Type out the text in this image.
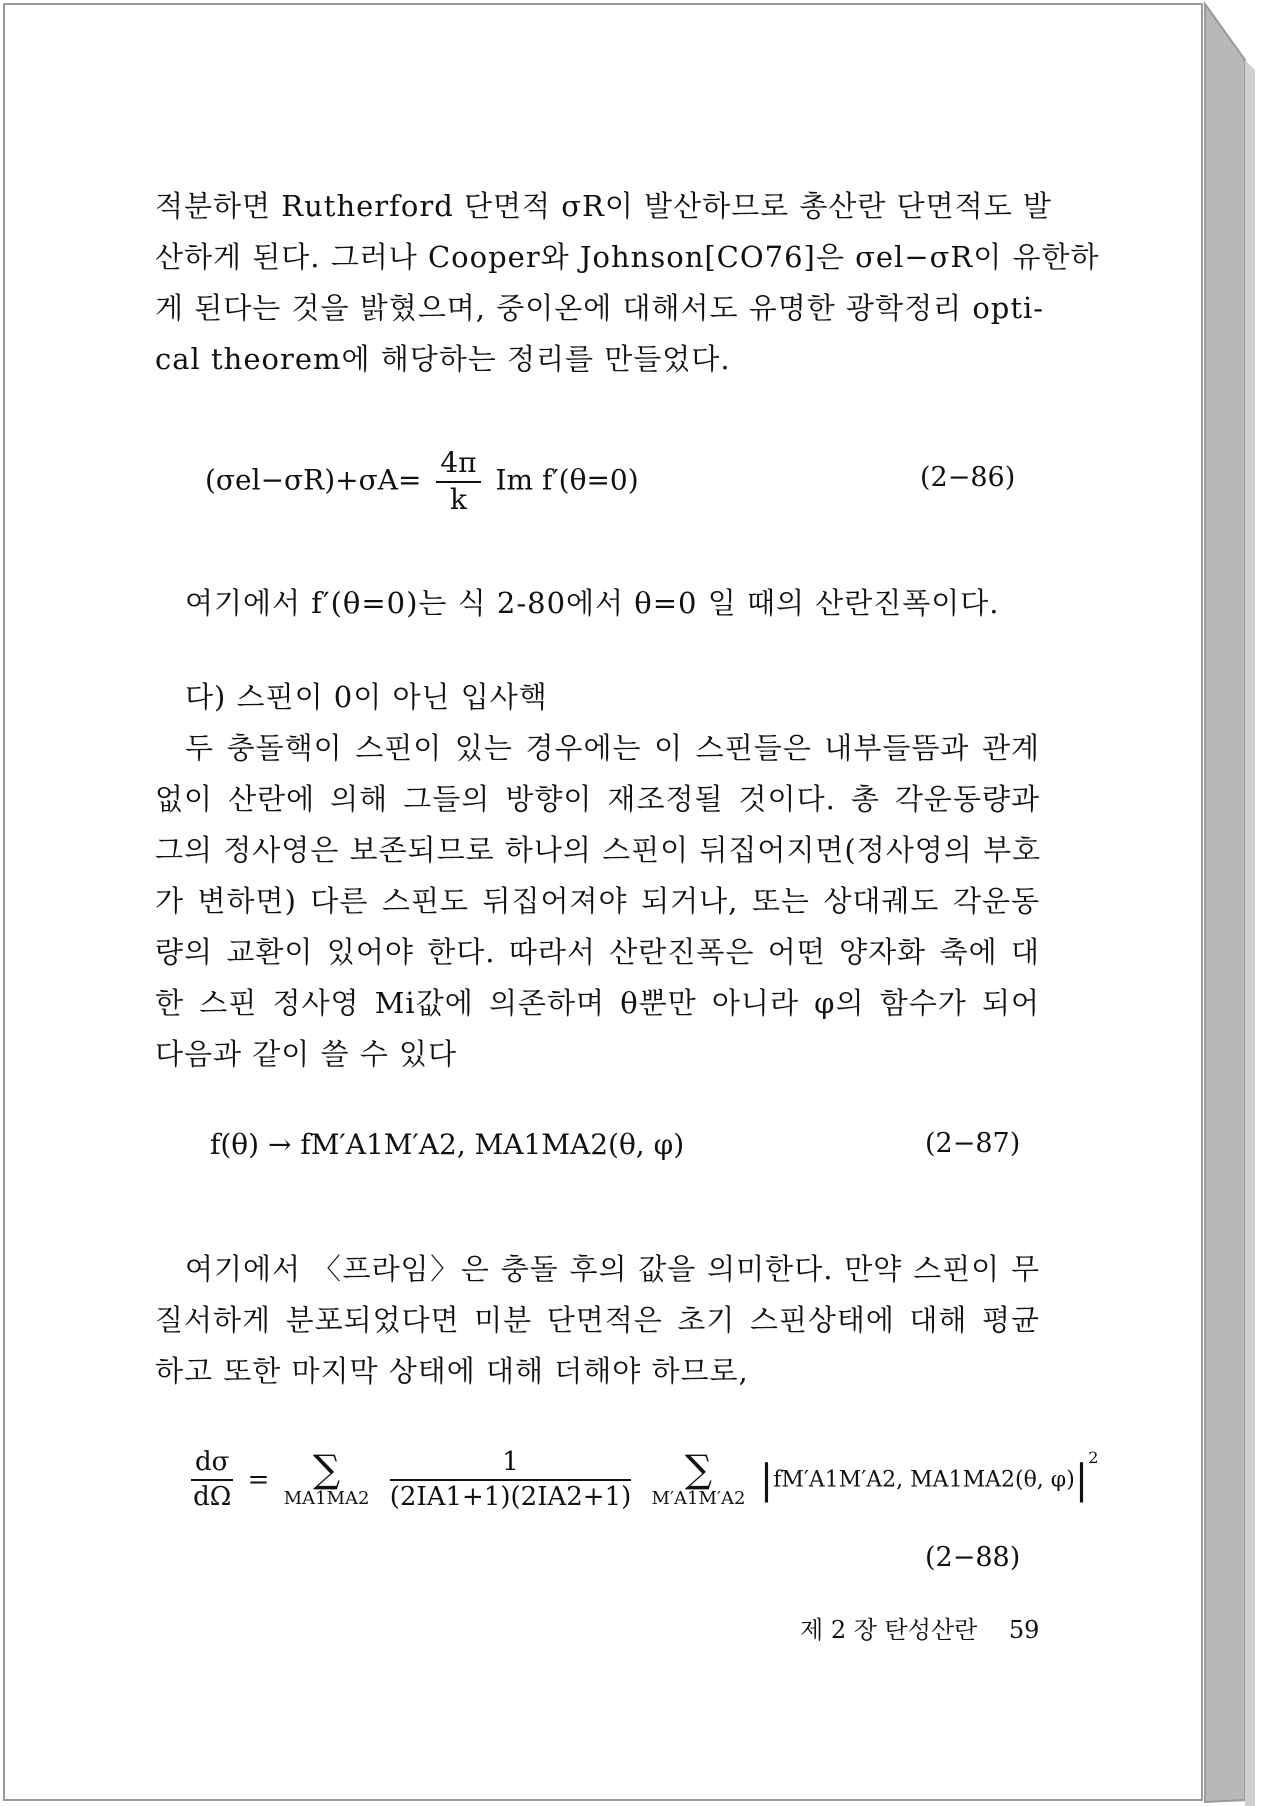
적분하면 Rutherford 단면적 σR이 발산하므로 총산란 단면적도 발
산하게 된다. 그러나 Cooper와 Johnson[CO76]은 σel−σR이 유한하
게 된다는 것을 밝혔으며, 중이온에 대해서도 유명한 광학정리 opti-
cal theorem에 해당하는 정리를 만들었다.
$(\sigma el-\sigma R)+\sigma A= \frac{4\pi}{k}$ Im f′(θ=0)	(2−86)
여기에서 f′(θ=0)는 식 2-80에서 θ=0 일 때의 산란진폭이다.
다) 스핀이 0이 아닌 입사핵
두 충돌핵이 스핀이 있는 경우에는 이 스핀들은 내부들뜸과 관계
없이 산란에 의해 그들의 방향이 재조정될 것이다. 총 각운동량과
그의 정사영은 보존되므로 하나의 스핀이 뒤집어지면(정사영의 부호
가 변하면) 다른 스핀도 뒤집어져야 되거나, 또는 상대궤도 각운동
량의 교환이 있어야 한다. 따라서 산란진폭은 어떤 양자화 축에 대
한 스핀 정사영 Mi값에 의존하며 θ뿐만 아니라 φ의 함수가 되어
다음과 같이 쓸 수 있다
f(θ) → fM′A1M′A2, MA1MA2(θ, φ)	(2−87)
여기에서 〈프라임〉은 충돌 후의 값을 의미한다. 만약 스핀이 무
질서하게 분포되었다면 미분 단면적은 초기 스핀상태에 대해 평균
하고 또한 마지막 상태에 대해 더해야 하므로,
$\frac{d\sigma}{d\Omega}$ =	∑
MA1MA2
$\frac{1}{(2IA1+1)(2IA2+1)}$
	∑
M′A1M′A2 |fM′A1M′A2, MA1MA2(θ, $\varphi)|^2$
(2−88)
제 2 장 탄성산란 59
